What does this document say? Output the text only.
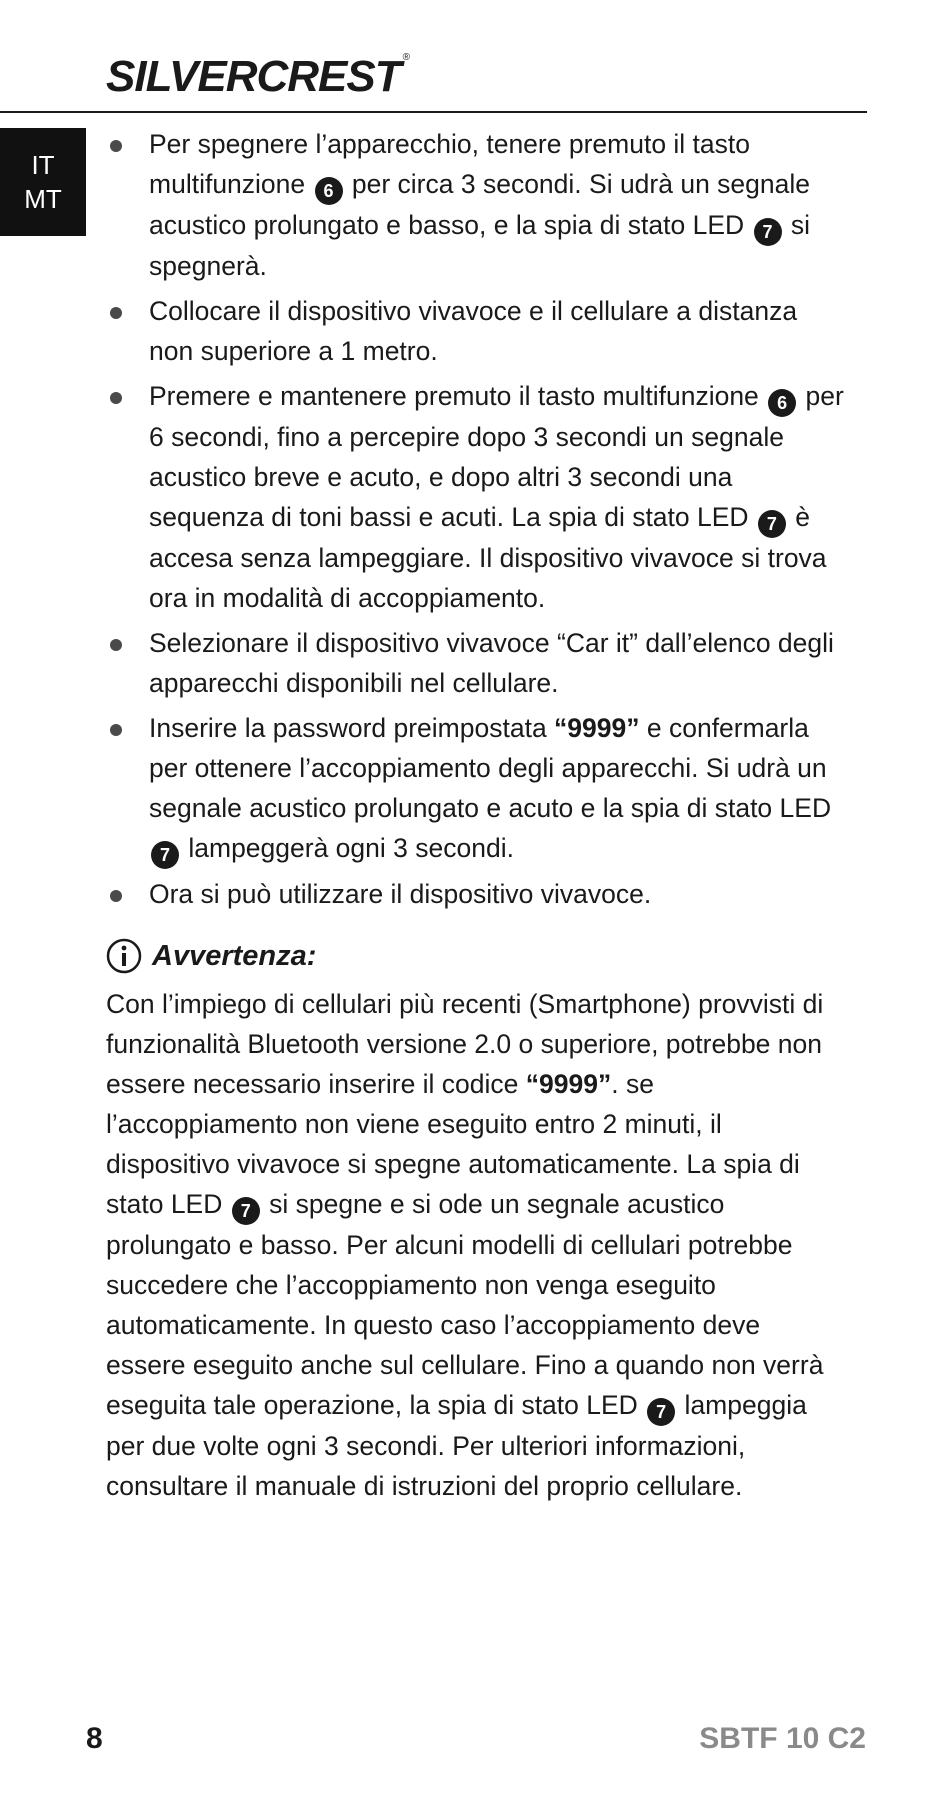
SILVERCREST ®
IT
MT
Per spegnere l’apparecchio, tenere premuto il tasto multifunzione 6 per circa 3 secondi. Si udrà un segnale acustico prolungato e basso, e la spia di stato LED 7 si spegnerà.
Collocare il dispositivo vivavoce e il cellulare a distanza non superiore a 1 metro.
Premere e mantenere premuto il tasto multifunzione 6 per 6 secondi, fino a percepire dopo 3 secondi un segnale acustico breve e acuto, e dopo altri 3 secondi una sequenza di toni bassi e acuti. La spia di stato LED 7 è accesa senza lampeggiare. Il dispositivo vivavoce si trova ora in modalità di accoppiamento.
Selezionare il dispositivo vivavoce “Car it” dall’elenco degli apparecchi disponibili nel cellulare.
Inserire la password preimpostata “9999” e confermarla per ottenere l’accoppiamento degli apparecchi. Si udrà un segnale acustico prolungato e acuto e la spia di stato LED 7 lampeggerà ogni 3 secondi.
Ora si può utilizzare il dispositivo vivavoce.
Avvertenza:

Con l’impiego di cellulari più recenti (Smartphone) provvisti di funzionalità Bluetooth versione 2.0 o superiore, potrebbe non essere necessario inserire il codice “9999”. se l’accoppiamento non viene eseguito entro 2 minuti, il dispositivo vivavoce si spegne automaticamente. La spia di stato LED 7 si spegne e si ode un segnale acustico prolungato e basso. Per alcuni modelli di cellulari potrebbe succedere che l’accoppiamento non venga eseguito automaticamente. In questo caso l’accoppiamento deve essere eseguito anche sul cellulare. Fino a quando non verrà eseguita tale operazione, la spia di stato LED 7 lampeggia per due volte ogni 3 secondi. Per ulteriori informazioni, consultare il manuale di istruzioni del proprio cellulare.

8	SBTF 10 C2
